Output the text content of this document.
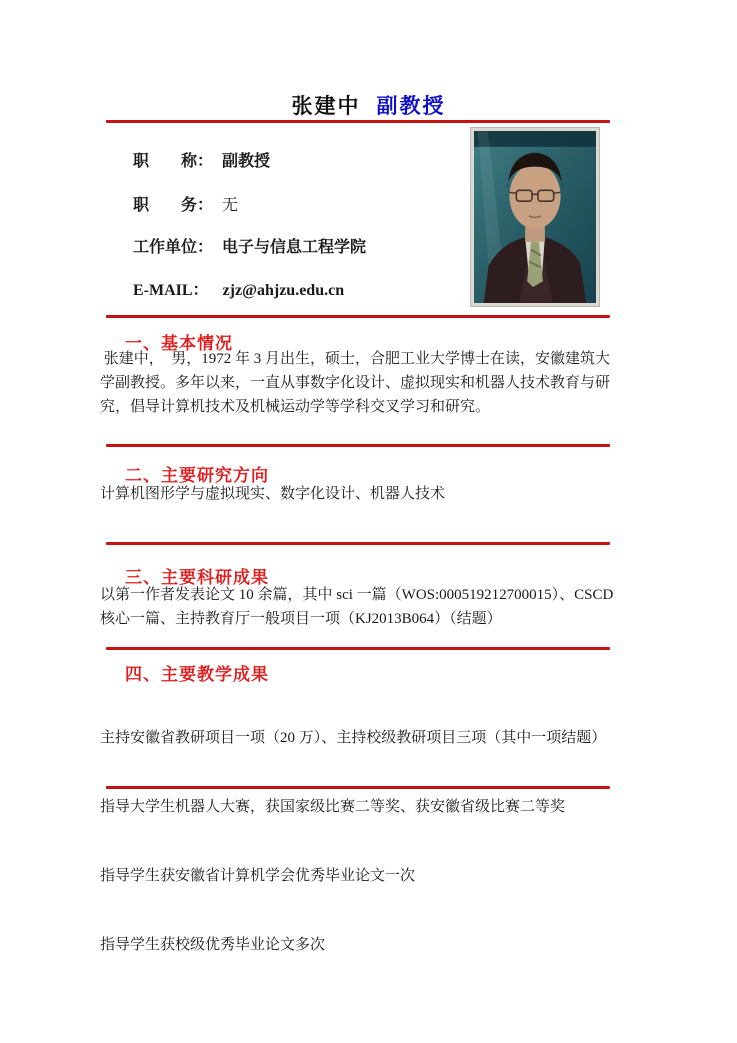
张建中 副教授
职　　称： 副教授
职　　务： 无
工作单位： 电子与信息工程学院
E-MAIL： zjz@ahjzu.edu.cn
一、基本情况

张建中，  男，1972 年 3 月出生，硕士，合肥工业大学博士在读，安徽建筑大学副教授。多年以来，一直从事数字化设计、虚拟现实和机器人技术教育与研究，倡导计算机技术及机械运动学等学科交叉学习和研究。

二、主要研究方向

计算机图形学与虚拟现实、数字化设计、机器人技术

三、主要科研成果

以第一作者发表论文 10 余篇，其中 sci 一篇（WOS:000519212700015）、CSCD 核心一篇、主持教育厅一般项目一项（KJ2013B064）（结题）

四、主要教学成果

主持安徽省教研项目一项（20 万）、主持校级教研项目三项（其中一项结题）

指导大学生机器人大赛，获国家级比赛二等奖、获安徽省级比赛二等奖

指导学生获安徽省计算机学会优秀毕业论文一次

指导学生获校级优秀毕业论文多次
